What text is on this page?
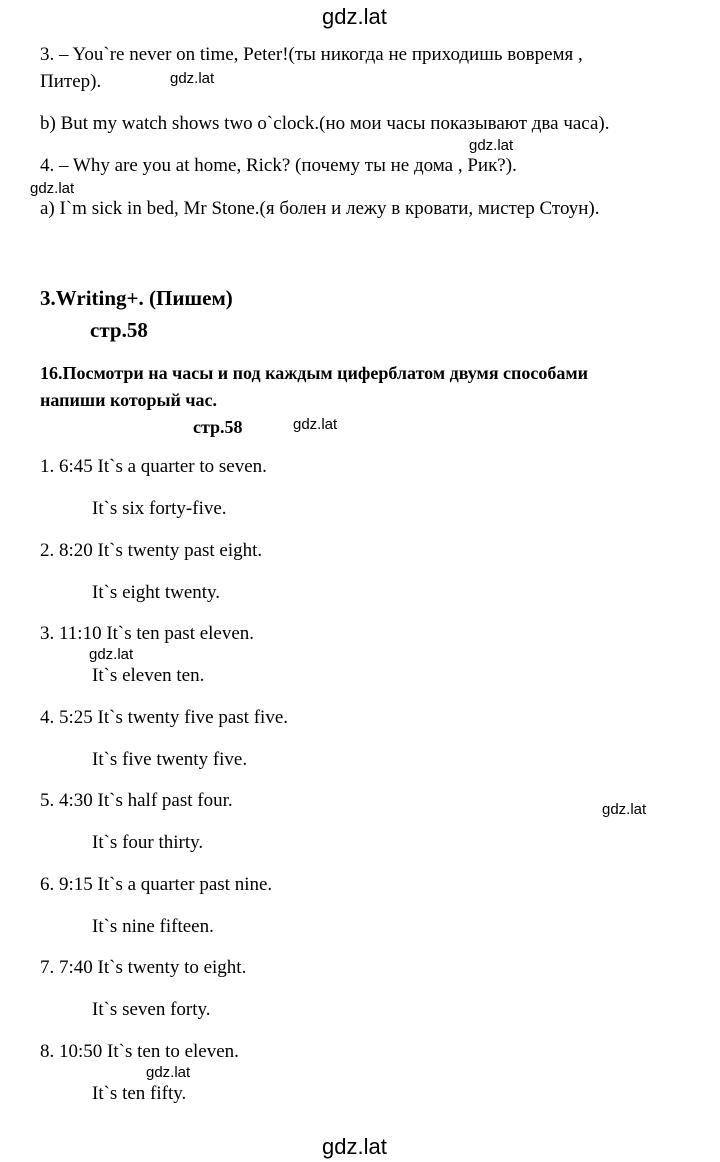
gdz.lat
3. – You`re never on time, Peter!(ты никогда не приходишь вовремя ,
Питер).	gdz.lat
b) But my watch shows two o`clock.(но мои часы показывают два часа).
gdz.lat
4. – Why are you at home, Rick? (почему ты не дома , Рик?).
gdz.lat
a) I`m sick in bed, Mr Stone.(я болен и лежу в кровати, мистер Стоун).
3.Writing+. (Пишем)
стр.58
16.Посмотри на часы и под каждым циферблатом двумя способами
напиши который час.
стр.58	gdz.lat
1. 6:45 It`s a quarter to seven.
It`s six forty-five.
2. 8:20 It`s twenty past eight.
It`s eight twenty.
3. 11:10 It`s ten past eleven.
gdz.lat
It`s eleven ten.
4. 5:25 It`s twenty five past five.
It`s five twenty five.
5. 4:30 It`s half past four.	gdz.lat
It`s four thirty.
6. 9:15 It`s a quarter past nine.
It`s nine fifteen.
7. 7:40 It`s twenty to eight.
It`s seven forty.
8. 10:50 It`s ten to eleven.
gdz.lat
It`s ten fifty.
gdz.lat
